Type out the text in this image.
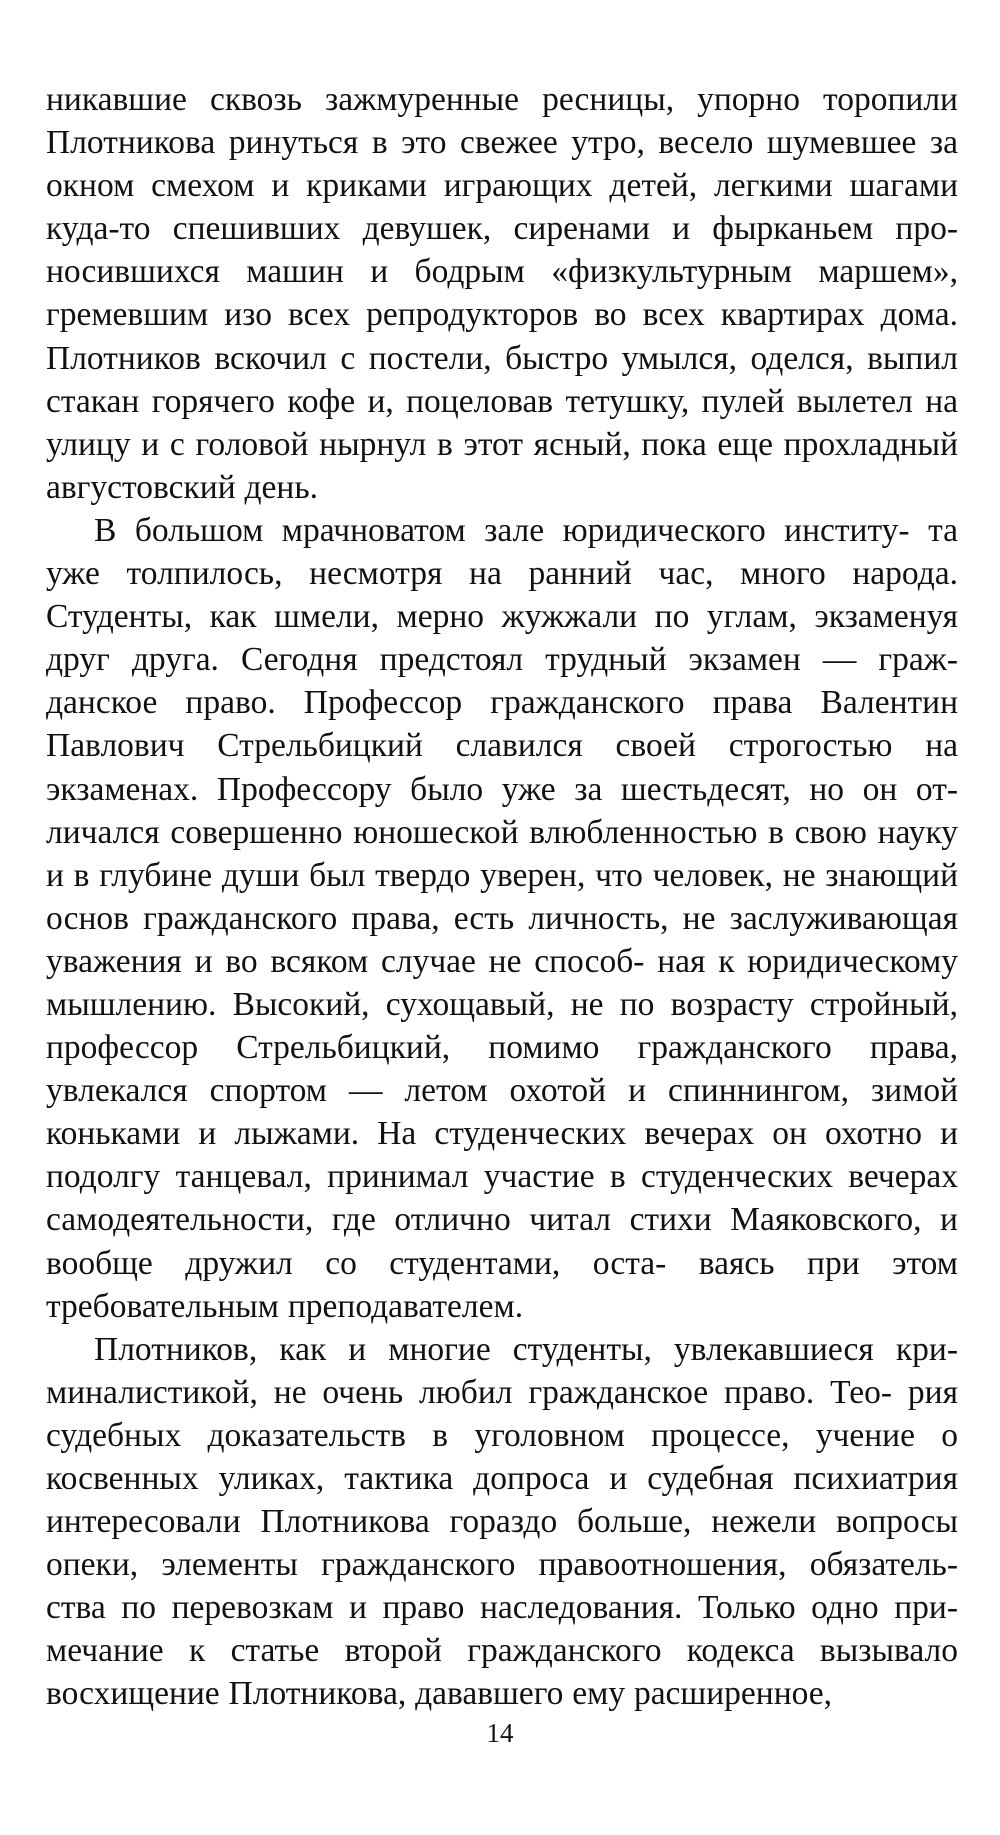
никавшие сквозь зажмуренные ресницы, упорно торопили Плотникова ринуться в это свежее утро, весело шумевшее за окном смехом и криками играющих детей, легкими шагами куда-то спешивших девушек, сиренами и фырканьем про- носившихся машин и бодрым «физкультурным маршем», гремевшим изо всех репродукторов во всех квартирах дома. Плотников вскочил с постели, быстро умылся, оделся, выпил стакан горячего кофе и, поцеловав тетушку, пулей вылетел на улицу и с головой нырнул в этот ясный, пока еще прохладный августовский день.

В большом мрачноватом зале юридического институ- та уже толпилось, несмотря на ранний час, много народа. Студенты, как шмели, мерно жужжали по углам, экзаменуя друг друга. Сегодня предстоял трудный экзамен — граж- данское право. Профессор гражданского права Валентин Павлович Стрельбицкий славился своей строгостью на экзаменах. Профессору было уже за шестьдесят, но он от- личался совершенно юношеской влюбленностью в свою науку и в глубине души был твердо уверен, что человек, не знающий основ гражданского права, есть личность, не заслуживающая уважения и во всяком случае не способ- ная к юридическому мышлению. Высокий, сухощавый, не по возрасту стройный, профессор Стрельбицкий, помимо гражданского права, увлекался спортом — летом охотой и спиннингом, зимой коньками и лыжами. На студенческих вечерах он охотно и подолгу танцевал, принимал участие в студенческих вечерах самодеятельности, где отлично читал стихи Маяковского, и вообще дружил со студентами, оста- ваясь при этом требовательным преподавателем.

Плотников, как и многие студенты, увлекавшиеся кри- миналистикой, не очень любил гражданское право. Тео- рия судебных доказательств в уголовном процессе, учение о косвенных уликах, тактика допроса и судебная психиатрия интересовали Плотникова гораздо больше, нежели вопросы опеки, элементы гражданского правоотношения, обязатель- ства по перевозкам и право наследования. Только одно при- мечание к статье второй гражданского кодекса вызывало восхищение Плотникова, дававшего ему расширенное,

14
